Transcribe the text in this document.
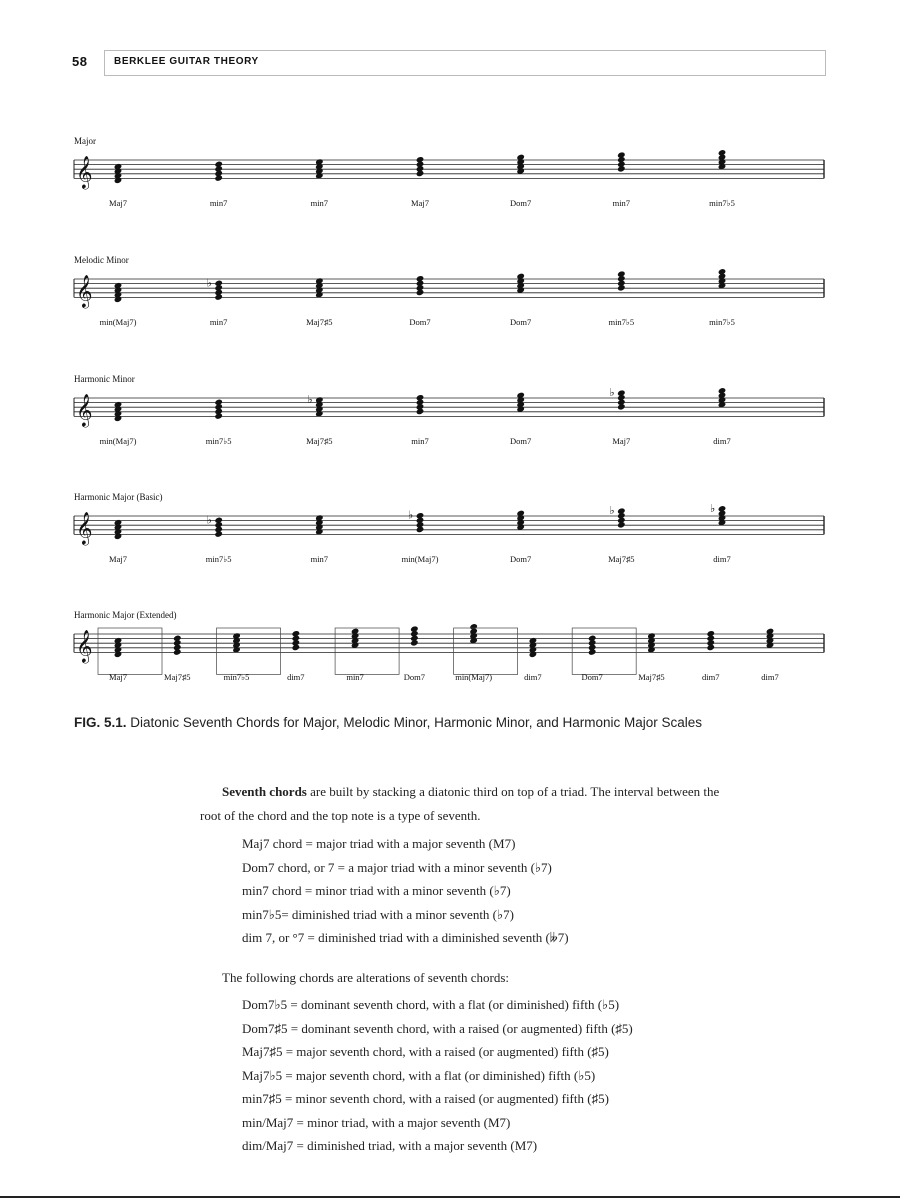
58	BERKLEE GUITAR THEORY
𝄞
𝄞	♭
𝄞	♭
♭
𝄞	♭	♭	♭	♭
𝄞
Major
Maj7	min7	min7	Maj7	Dom7	min7	min7♭5
Melodic Minor
min(Maj7)	min7	Maj7♯5	Dom7	Dom7	min7♭5	min7♭5
Harmonic Minor
min(Maj7)	min7♭5	Maj7♯5	min7	Dom7	Maj7	dim7
Harmonic Major (Basic)
Maj7	min7♭5	min7	min(Maj7)	Dom7	Maj7♯5	dim7
Harmonic Major (Extended)
Maj7	Maj7♯5	min7♭5	dim7	min7	Dom7	min(Maj7)	dim7	Dom7	Maj7♯5	dim7	dim7
FIG. 5.1. Diatonic Seventh Chords for Major, Melodic Minor, Harmonic Minor, and Harmonic Major Scales

Seventh chords are built by stacking a diatonic third on top of a triad. The interval between the root of the chord and the top note is a type of seventh.

Maj7 chord = major triad with a major seventh (M7)
Dom7 chord, or 7 = a major triad with a minor seventh (♭7)
min7 chord = minor triad with a minor seventh (♭7)
min7♭5= diminished triad with a minor seventh (♭7)
dim 7, or °7 = diminished triad with a diminished seventh (𝄫7)
The following chords are alterations of seventh chords:
Dom7♭5 = dominant seventh chord, with a flat (or diminished) fifth (♭5)
Dom7♯5 = dominant seventh chord, with a raised (or augmented) fifth (♯5)
Maj7♯5 = major seventh chord, with a raised (or augmented) fifth (♯5)
Maj7♭5 = major seventh chord, with a flat (or diminished) fifth (♭5)
min7♯5 = minor seventh chord, with a raised (or augmented) fifth (♯5)
min/Maj7 = minor triad, with a major seventh (M7)
dim/Maj7 = diminished triad, with a major seventh (M7)
